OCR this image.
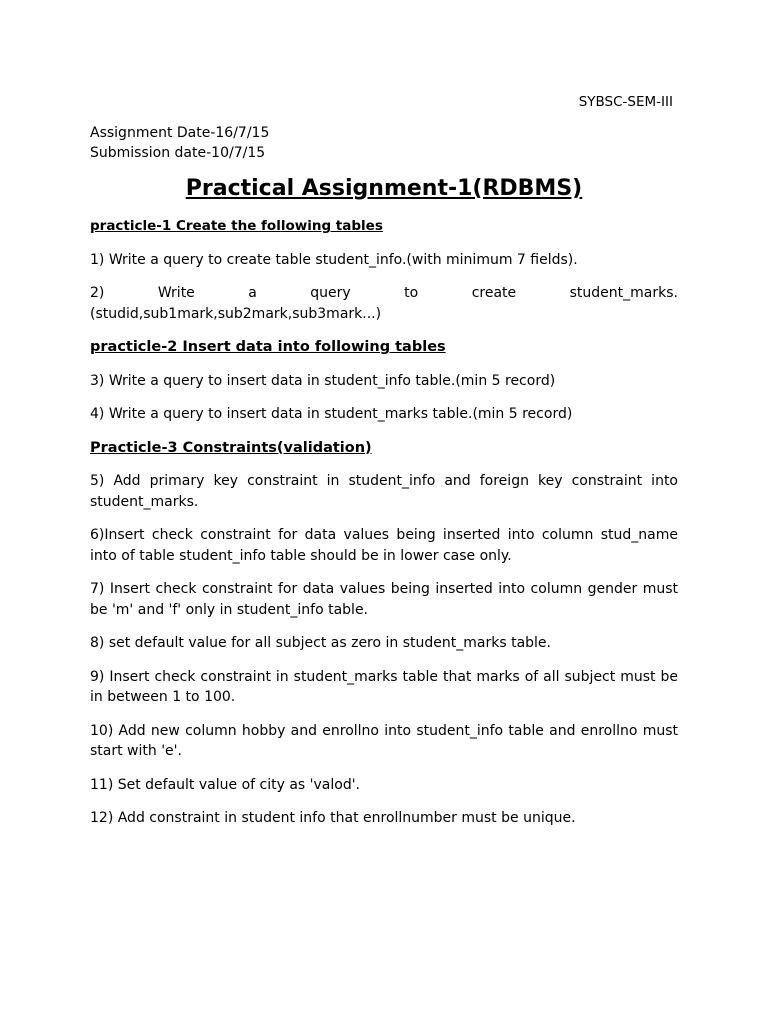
SYBSC-SEM-III
Assignment Date-16/7/15
Submission date-10/7/15
Practical Assignment-1(RDBMS)
practicle-1 Create the following tables
1) Write a query to create table student_info.(with minimum 7 fields).
2)	Write	a	query	to	create	student_marks.
(studid,sub1mark,sub2mark,sub3mark...)
practicle-2 Insert data into following tables
3) Write a query to insert data in student_info table.(min 5 record)
4) Write a query to insert data in student_marks table.(min 5 record)
Practicle-3 Constraints(validation)
5) Add primary key constraint in student_info and foreign key constraint into student_marks.
6)Insert check constraint for data values being inserted into column stud_name into of table student_info table should be in lower case only.
7) Insert check constraint for data values being inserted into column gender must be 'm' and 'f' only in student_info table.
8) set default value for all subject as zero in student_marks table.
9) Insert check constraint in student_marks table that marks of all subject must be in between 1 to 100.
10) Add new column hobby and enrollno into student_info table and enrollno must start with 'e'.
11) Set default value of city as 'valod'.
12) Add constraint in student info that enrollnumber must be unique.
